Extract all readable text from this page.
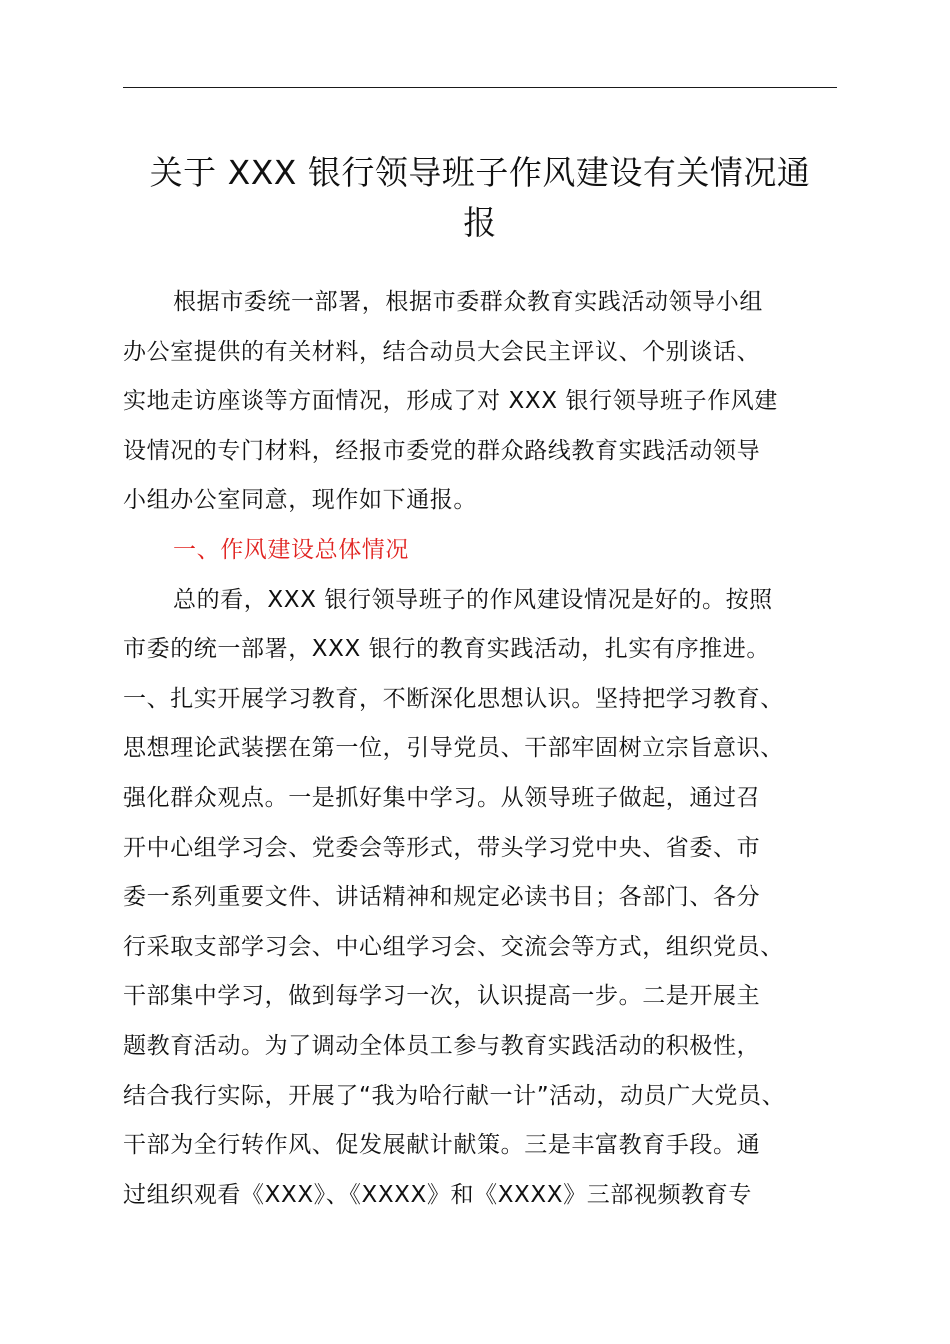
关于 XXX 银行领导班子作风建设有关情况通
报
根据市委统一部署，根据市委群众教育实践活动领导小组
办公室提供的有关材料，结合动员大会民主评议、个别谈话、
实地走访座谈等方面情况，形成了对 XXX 银行领导班子作风建
设情况的专门材料，经报市委党的群众路线教育实践活动领导
小组办公室同意，现作如下通报。
一、作风建设总体情况
总的看，XXX 银行领导班子的作风建设情况是好的。按照
市委的统一部署，XXX 银行的教育实践活动，扎实有序推进。
一、扎实开展学习教育，不断深化思想认识。坚持把学习教育、
思想理论武装摆在第一位，引导党员、干部牢固树立宗旨意识、
强化群众观点。一是抓好集中学习。从领导班子做起，通过召
开中心组学习会、党委会等形式，带头学习党中央、省委、市
委一系列重要文件、讲话精神和规定必读书目；各部门、各分
行采取支部学习会、中心组学习会、交流会等方式，组织党员、
干部集中学习，做到每学习一次，认识提高一步。二是开展主
题教育活动。为了调动全体员工参与教育实践活动的积极性，
结合我行实际，开展了“我为哈行献一计”活动，动员广大党员、
干部为全行转作风、促发展献计献策。三是丰富教育手段。通
过组织观看《XXX》、《XXXX》和《XXXX》三部视频教育专
